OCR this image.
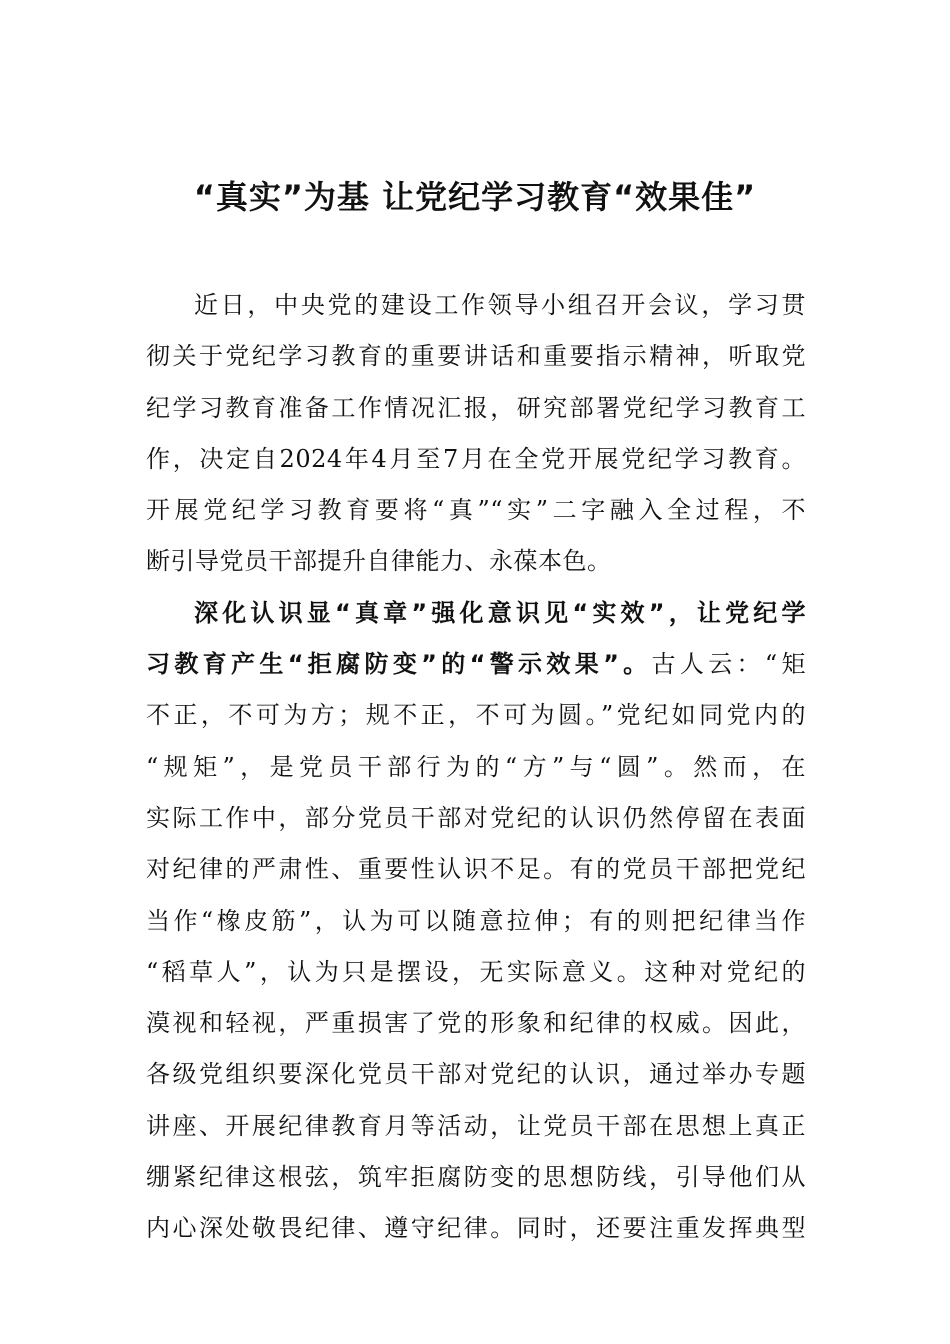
“真实”为基 让党纪学习教育“效果佳”
近日，中央党的建设工作领导小组召开会议，学习贯
彻关于党纪学习教育的重要讲话和重要指示精神，听取党
纪学习教育准备工作情况汇报，研究部署党纪学习教育工
作，决定自2024年4月至7月在全党开展党纪学习教育。
开展党纪学习教育要将“真”“实”二字融入全过程，不
断引导党员干部提升自律能力、永葆本色。
深化认识显“真章”强化意识见“实效”，让党纪学
习教育产生“拒腐防变”的“警示效果”。古人云：“矩
不正，不可为方；规不正，不可为圆。”党纪如同党内的
“规矩”，是党员干部行为的“方”与“圆”。然而，在
实际工作中，部分党员干部对党纪的认识仍然停留在表面
对纪律的严肃性、重要性认识不足。有的党员干部把党纪
当作“橡皮筋”，认为可以随意拉伸；有的则把纪律当作
“稻草人”，认为只是摆设，无实际意义。这种对党纪的
漠视和轻视，严重损害了党的形象和纪律的权威。因此，
各级党组织要深化党员干部对党纪的认识，通过举办专题
讲座、开展纪律教育月等活动，让党员干部在思想上真正
绷紧纪律这根弦，筑牢拒腐防变的思想防线，引导他们从
内心深处敬畏纪律、遵守纪律。同时，还要注重发挥典型
